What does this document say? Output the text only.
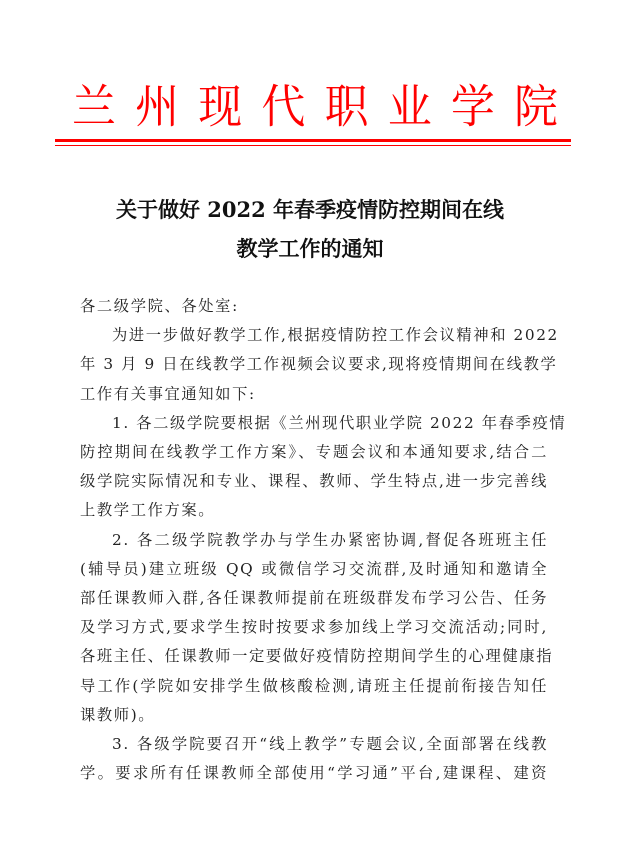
兰 州 现 代 职 业 学 院
关于做好 2022 年春季疫情防控期间在线
教学工作的通知

各二级学院、各处室:

为进一步做好教学工作,根据疫情防控工作会议精神和 2022
年 3 月 9 日在线教学工作视频会议要求,现将疫情期间在线教学
工作有关事宜通知如下:

1. 各二级学院要根据《兰州现代职业学院 2022 年春季疫情
防控期间在线教学工作方案》、专题会议和本通知要求,结合二
级学院实际情况和专业、课程、教师、学生特点,进一步完善线
上教学工作方案。

2. 各二级学院教学办与学生办紧密协调,督促各班班主任
(辅导员)建立班级 QQ 或微信学习交流群,及时通知和邀请全
部任课教师入群,各任课教师提前在班级群发布学习公告、任务
及学习方式,要求学生按时按要求参加线上学习交流活动;同时,
各班主任、任课教师一定要做好疫情防控期间学生的心理健康指
导工作(学院如安排学生做核酸检测,请班主任提前衔接告知任
课教师)。

3. 各级学院要召开“线上教学”专题会议,全面部署在线教
学。要求所有任课教师全部使用“学习通”平台,建课程、建资
